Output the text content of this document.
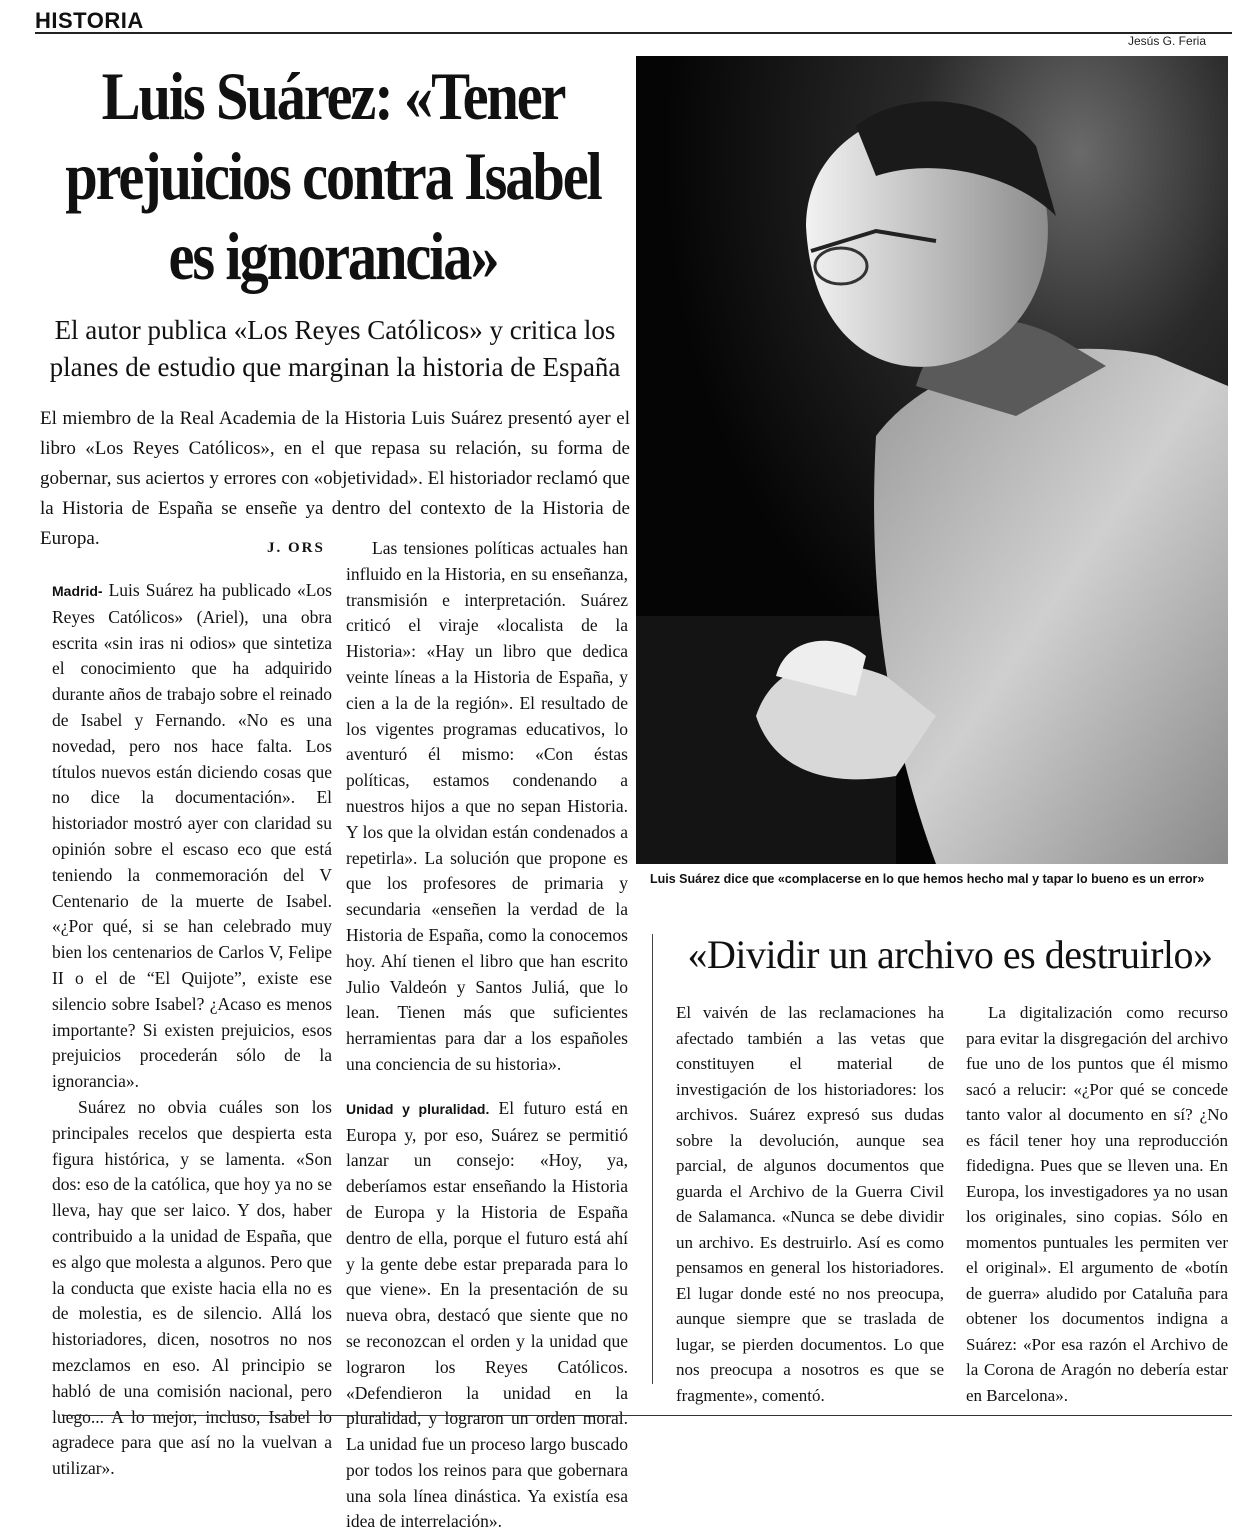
HISTORIA
Jesús G. Feria
Luis Suárez: «Tener prejuicios contra Isabel es ignorancia»
El autor publica «Los Reyes Católicos» y critica los planes de estudio que marginan la historia de España
El miembro de la Real Academia de la Historia Luis Suárez presentó ayer el libro «Los Reyes Católicos», en el que repasa su relación, su forma de gobernar, sus aciertos y errores con «objetividad». El historiador reclamó que la Historia de España se enseñe ya dentro del contexto de la Historia de Europa.	J. ORS
Luis Suárez dice que «complacerse en lo que hemos hecho mal y tapar lo bueno es un error»

Madrid- Luis Suárez ha publicado «Los Reyes Católicos» (Ariel), una obra escrita «sin iras ni odios» que sintetiza el conocimiento que ha adquirido durante años de trabajo sobre el reinado de Isabel y Fernando. «No es una novedad, pero nos hace falta. Los títulos nuevos están diciendo cosas que no dice la documentación». El historiador mostró ayer con claridad su opinión sobre el escaso eco que está teniendo la conmemoración del V Centenario de la muerte de Isabel. «¿Por qué, si se han celebrado muy bien los centenarios de Carlos V, Felipe II o el de “El Quijote”, existe ese silencio sobre Isabel? ¿Acaso es menos importante? Si existen prejuicios, esos prejuicios procederán sólo de la ignorancia».

Suárez no obvia cuáles son los principales recelos que despierta esta figura histórica, y se lamenta. «Son dos: eso de la católica, que hoy ya no se lleva, hay que ser laico. Y dos, haber contribuido a la unidad de España, que es algo que molesta a algunos. Pero que la conducta que existe hacia ella no es de molestia, es de silencio. Allá los historiadores, dicen, nosotros no nos mezclamos en eso. Al principio se habló de una comisión nacional, pero luego... A lo mejor, incluso, Isabel lo agradece para que así no la vuelvan a utilizar».

Las tensiones políticas actuales han influido en la Historia, en su enseñanza, transmisión e interpretación. Suárez criticó el viraje «localista de la Historia»: «Hay un libro que dedica veinte líneas a la Historia de España, y cien a la de la región». El resultado de los vigentes programas educativos, lo aventuró él mismo: «Con éstas políticas, estamos condenando a nuestros hijos a que no sepan Historia. Y los que la olvidan están condenados a repetirla». La solución que propone es que los profesores de primaria y secundaria «enseñen la verdad de la Historia de España, como la conocemos hoy. Ahí tienen el libro que han escrito Julio Valdeón y Santos Juliá, que lo lean. Tienen más que suficientes herramientas para dar a los españoles una conciencia de su historia».

Unidad y pluralidad. El futuro está en Europa y, por eso, Suárez se permitió lanzar un consejo: «Hoy, ya, deberíamos estar enseñando la Historia de Europa y la Historia de España dentro de ella, porque el futuro está ahí y la gente debe estar preparada para lo que viene». En la presentación de su nueva obra, destacó que siente que no se reconozcan el orden y la unidad que lograron los Reyes Católicos. «Defendieron la unidad en la pluralidad, y lograron un orden moral. La unidad fue un proceso largo buscado por todos los reinos para que gobernara una sola línea dinástica. Ya existía esa idea de interrelación».

«Dividir un archivo es destruirlo»
El vaivén de las reclamaciones ha afectado también a las vetas que constituyen el material de investigación de los historiadores: los archivos. Suárez expresó sus dudas sobre la devolución, aunque sea parcial, de algunos documentos que guarda el Archivo de la Guerra Civil de Salamanca. «Nunca se debe dividir un archivo. Es destruirlo. Así es como pensamos en general los historiadores. El lugar donde esté no nos preocupa, aunque siempre que se traslada de lugar, se pierden documentos. Lo que nos preocupa a nosotros es que se fragmente», comentó.
La digitalización como recurso para evitar la disgregación del archivo fue uno de los puntos que él mismo sacó a relucir: «¿Por qué se concede tanto valor al documento en sí? ¿No es fácil tener hoy una reproducción fidedigna. Pues que se lleven una. En Europa, los investigadores ya no usan los originales, sino copias. Sólo en momentos puntuales les permiten ver el original». El argumento de «botín de guerra» aludido por Cataluña para obtener los documentos indigna a Suárez: «Por esa razón el Archivo de la Corona de Aragón no debería estar en Barcelona».
